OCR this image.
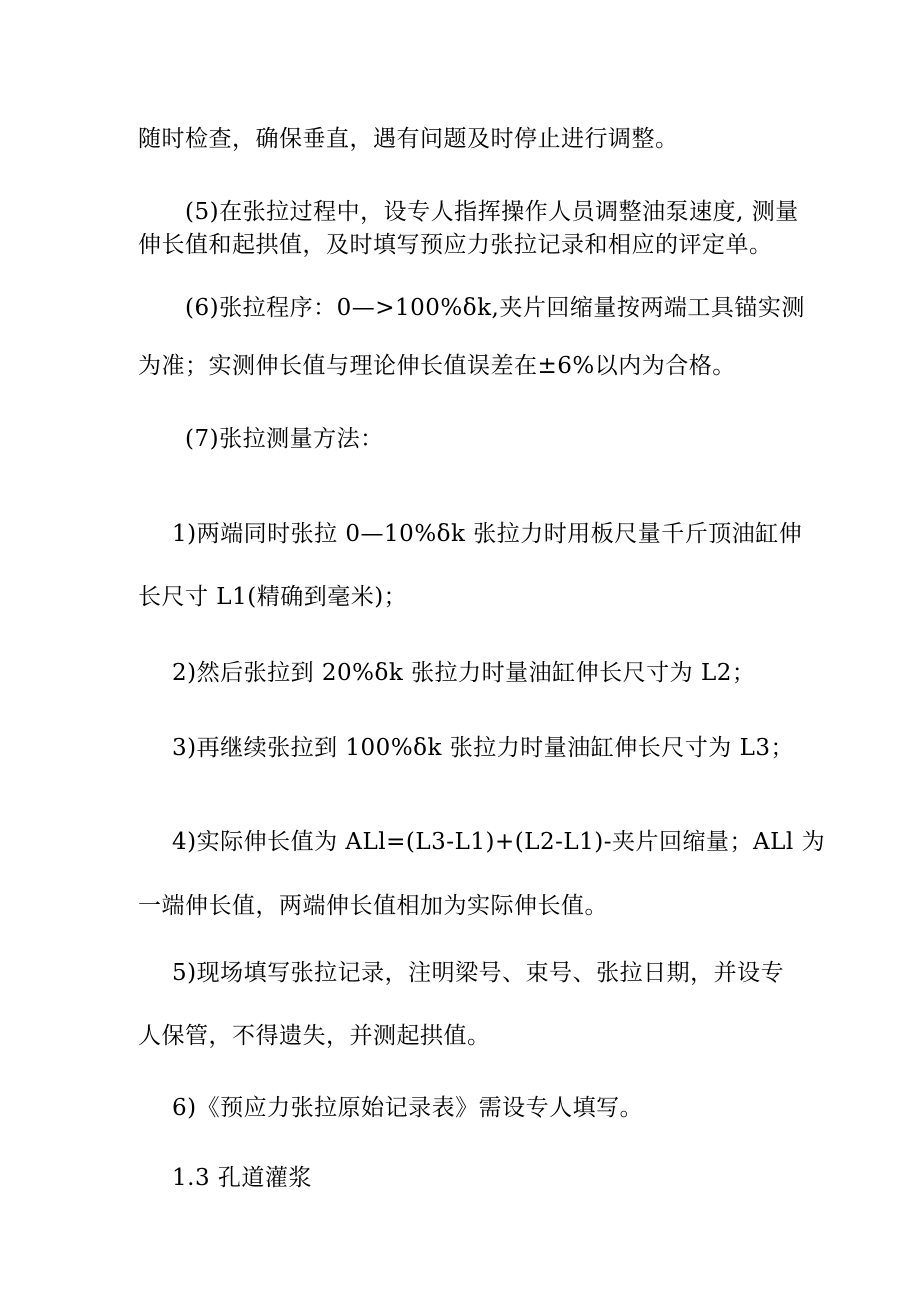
随时检查，确保垂直，遇有问题及时停止进行调整。
(5)在张拉过程中，设专人指挥操作人员调整油泵速度, 测量
伸长值和起拱值，及时填写预应力张拉记录和相应的评定单。
(6)张拉程序：0—>100%δk,夹片回缩量按两端工具锚实测
为准；实测伸长值与理论伸长值误差在±6%以内为合格。
(7)张拉测量方法：
1)两端同时张拉 0—10%δk 张拉力时用板尺量千斤顶油缸伸
长尺寸 L1(精确到毫米)；
2)然后张拉到 20%δk 张拉力时量油缸伸长尺寸为 L2；
3)再继续张拉到 100%δk 张拉力时量油缸伸长尺寸为 L3；
4)实际伸长值为 ALl=(L3-L1)+(L2-L1)-夹片回缩量；ALl 为
一端伸长值，两端伸长值相加为实际伸长值。
5)现场填写张拉记录，注明梁号、束号、张拉日期，并设专
人保管，不得遗失，并测起拱值。
6)《预应力张拉原始记录表》需设专人填写。
1.3 孔道灌浆
